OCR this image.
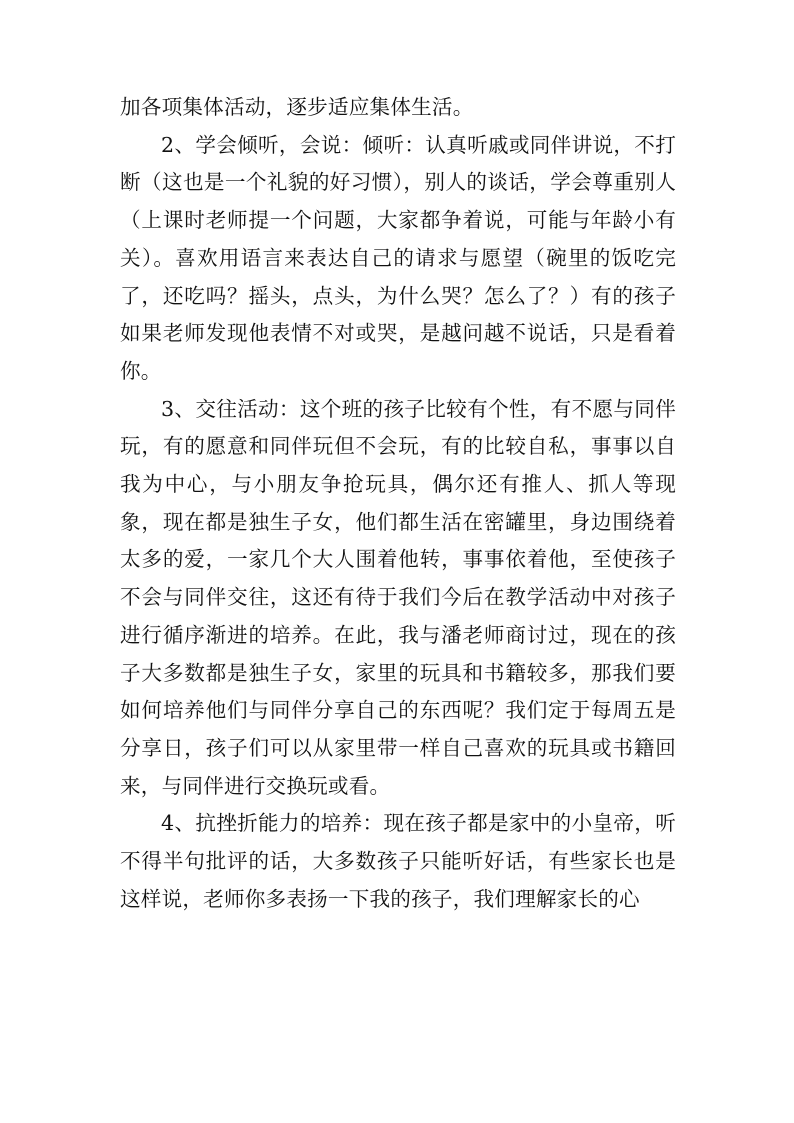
加各项集体活动，逐步适应集体生活。

2、学会倾听，会说：倾听：认真听戚或同伴讲说，不打断（这也是一个礼貌的好习惯），别人的谈话，学会尊重别人（上课时老师提一个问题，大家都争着说，可能与年龄小有关）。喜欢用语言来表达自己的请求与愿望（碗里的饭吃完了，还吃吗？摇头，点头，为什么哭？怎么了？）有的孩子如果老师发现他表情不对或哭，是越问越不说话，只是看着你。

3、交往活动：这个班的孩子比较有个性，有不愿与同伴玩，有的愿意和同伴玩但不会玩，有的比较自私，事事以自我为中心，与小朋友争抢玩具，偶尔还有推人、抓人等现象，现在都是独生子女，他们都生活在密罐里，身边围绕着太多的爱，一家几个大人围着他转，事事依着他，至使孩子不会与同伴交往，这还有待于我们今后在教学活动中对孩子进行循序渐进的培养。在此，我与潘老师商讨过，现在的孩子大多数都是独生子女，家里的玩具和书籍较多，那我们要如何培养他们与同伴分享自己的东西呢？我们定于每周五是分享日，孩子们可以从家里带一样自己喜欢的玩具或书籍回来，与同伴进行交换玩或看。

4、抗挫折能力的培养：现在孩子都是家中的小皇帝，听不得半句批评的话，大多数孩子只能听好话，有些家长也是这样说，老师你多表扬一下我的孩子，我们理解家长的心
